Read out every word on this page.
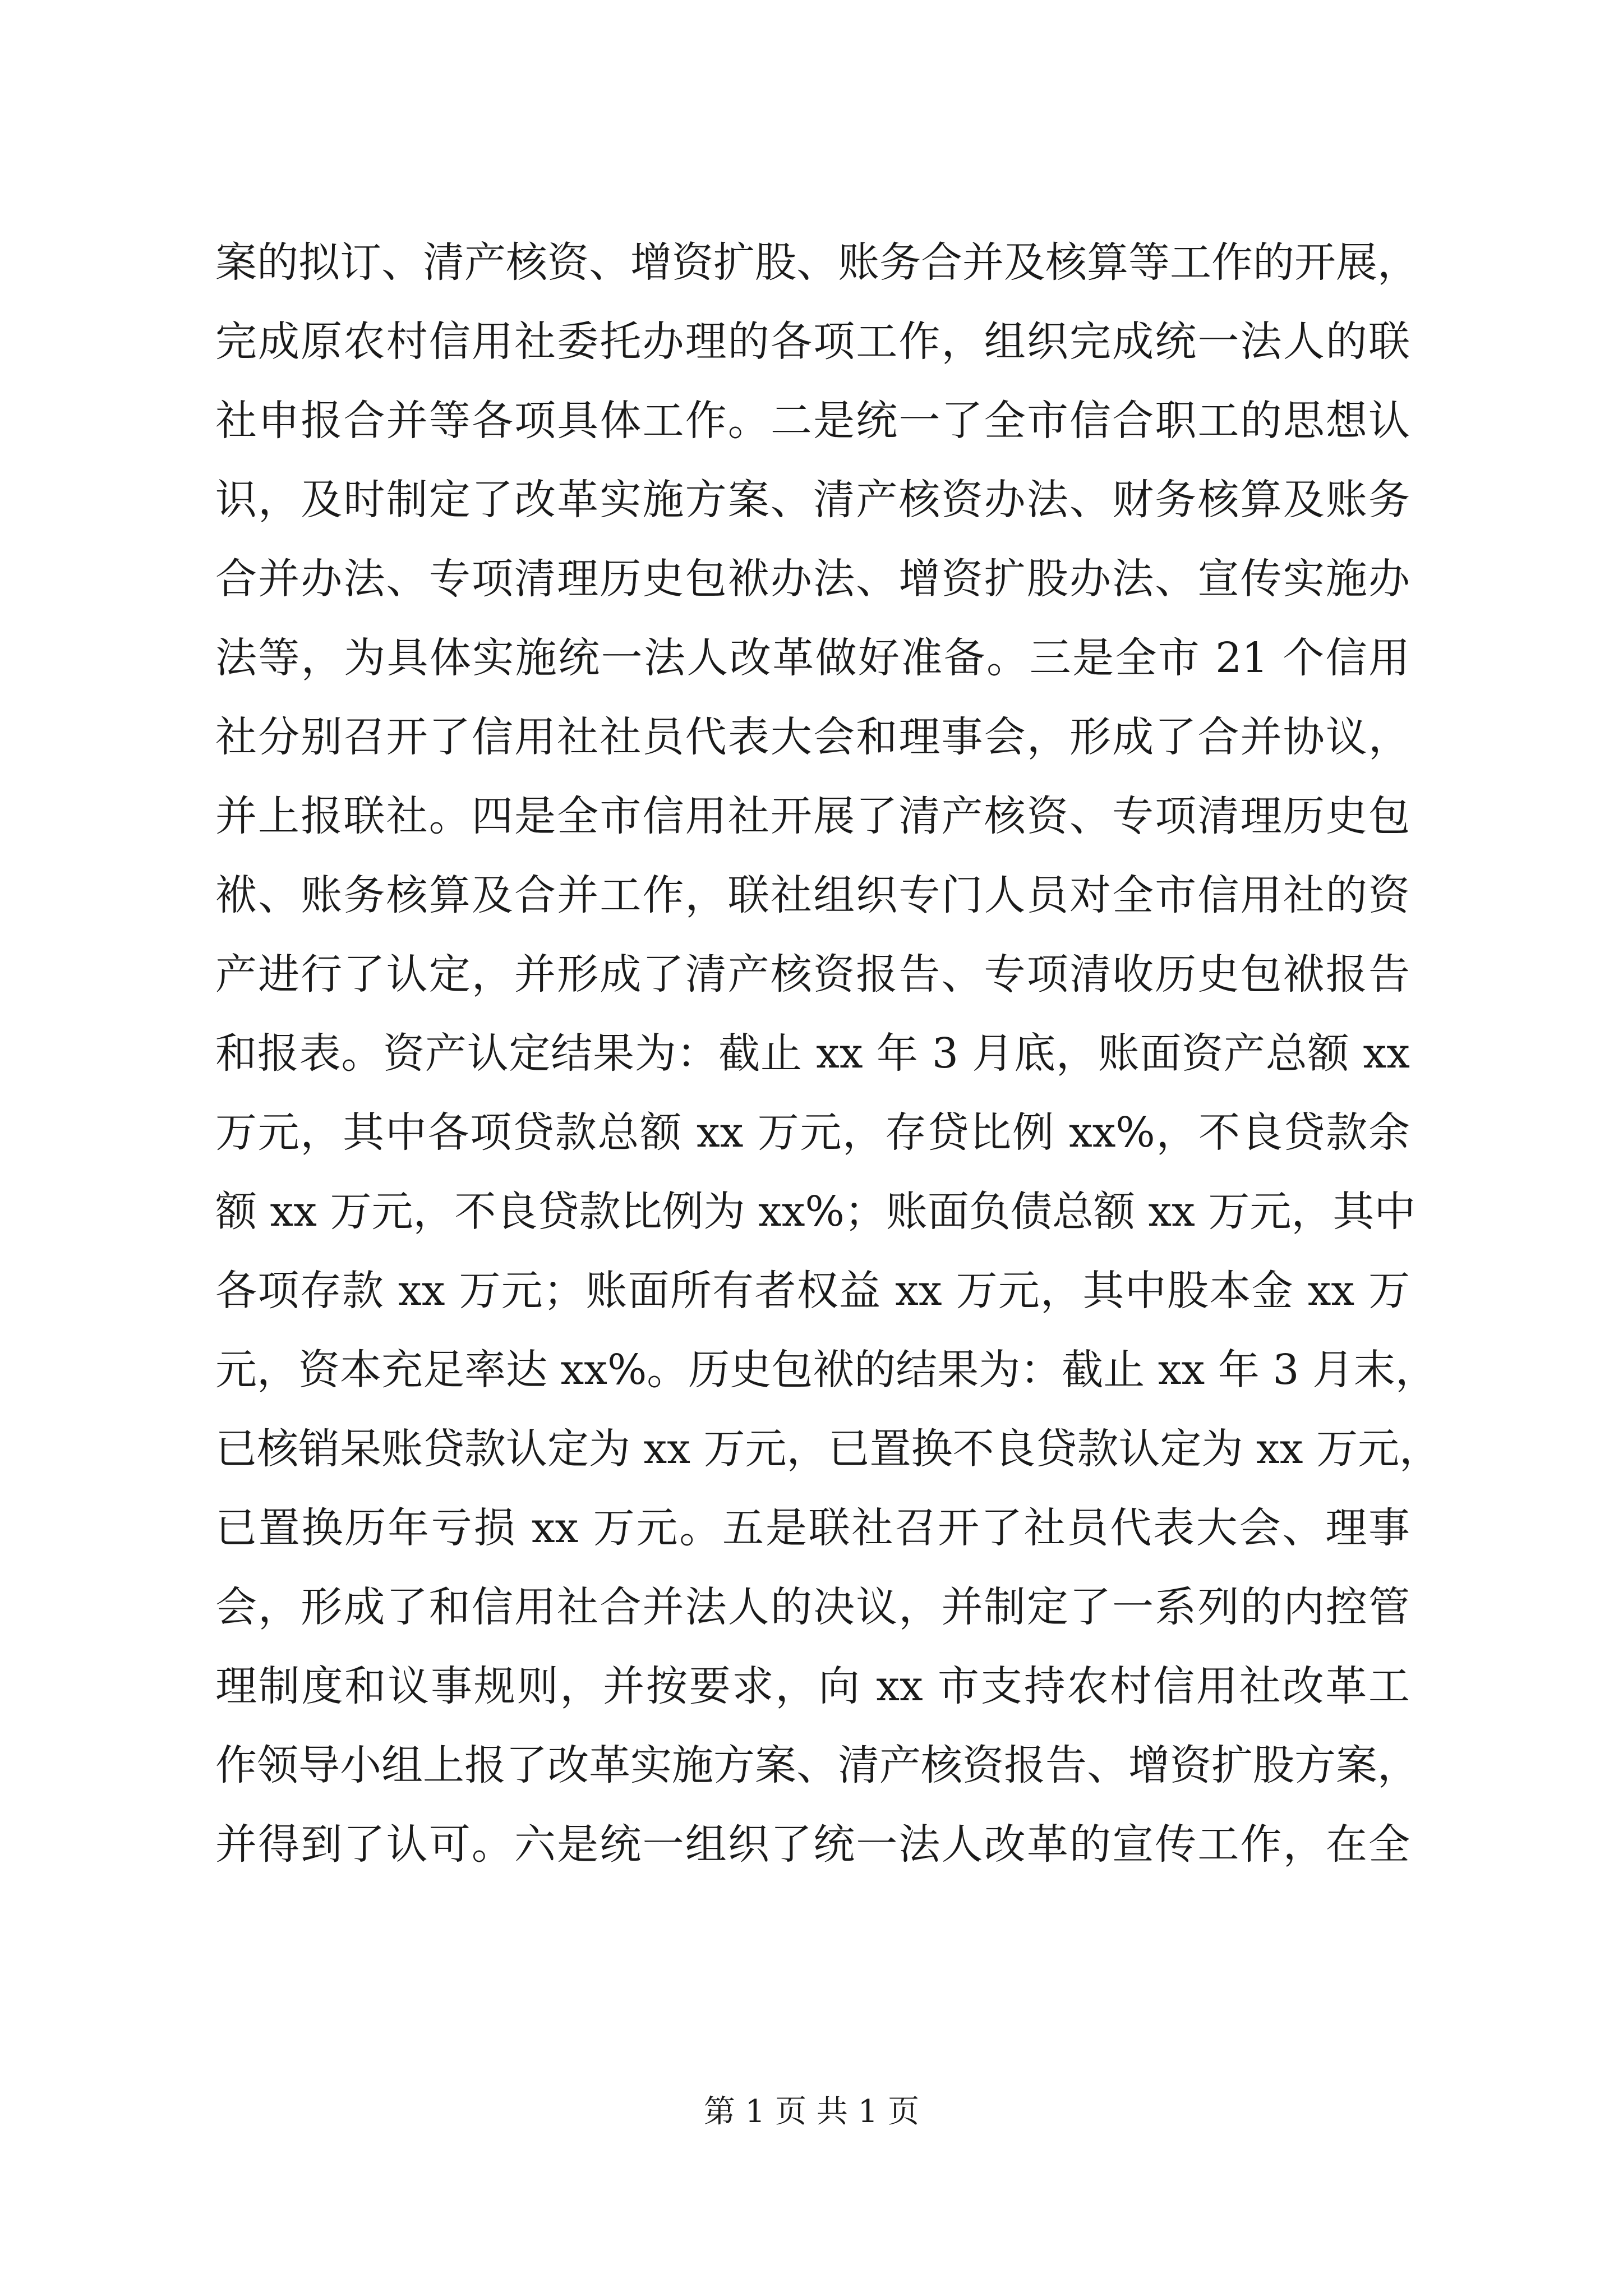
案的拟订、清产核资、增资扩股、账务合并及核算等工作的开展，
完成原农村信用社委托办理的各项工作，组织完成统一法人的联
社申报合并等各项具体工作。二是统一了全市信合职工的思想认
识，及时制定了改革实施方案、清产核资办法、财务核算及账务
合并办法、专项清理历史包袱办法、增资扩股办法、宣传实施办
法等，为具体实施统一法人改革做好准备。三是全市 21 个信用
社分别召开了信用社社员代表大会和理事会，形成了合并协议，
并上报联社。四是全市信用社开展了清产核资、专项清理历史包
袱、账务核算及合并工作，联社组织专门人员对全市信用社的资
产进行了认定，并形成了清产核资报告、专项清收历史包袱报告
和报表。资产认定结果为：截止 xx 年 3 月底，账面资产总额 xx
万元，其中各项贷款总额 xx 万元，存贷比例 xx%，不良贷款余
额 xx 万元，不良贷款比例为 xx%；账面负债总额 xx 万元，其中
各项存款 xx 万元；账面所有者权益 xx 万元，其中股本金 xx 万
元，资本充足率达 xx%。历史包袱的结果为：截止 xx 年 3 月末，
已核销呆账贷款认定为 xx 万元，已置换不良贷款认定为 xx 万元，
已置换历年亏损 xx 万元。五是联社召开了社员代表大会、理事
会，形成了和信用社合并法人的决议，并制定了一系列的内控管
理制度和议事规则，并按要求，向 xx 市支持农村信用社改革工
作领导小组上报了改革实施方案、清产核资报告、增资扩股方案，
并得到了认可。六是统一组织了统一法人改革的宣传工作，在全
第 1 页 共 1 页
